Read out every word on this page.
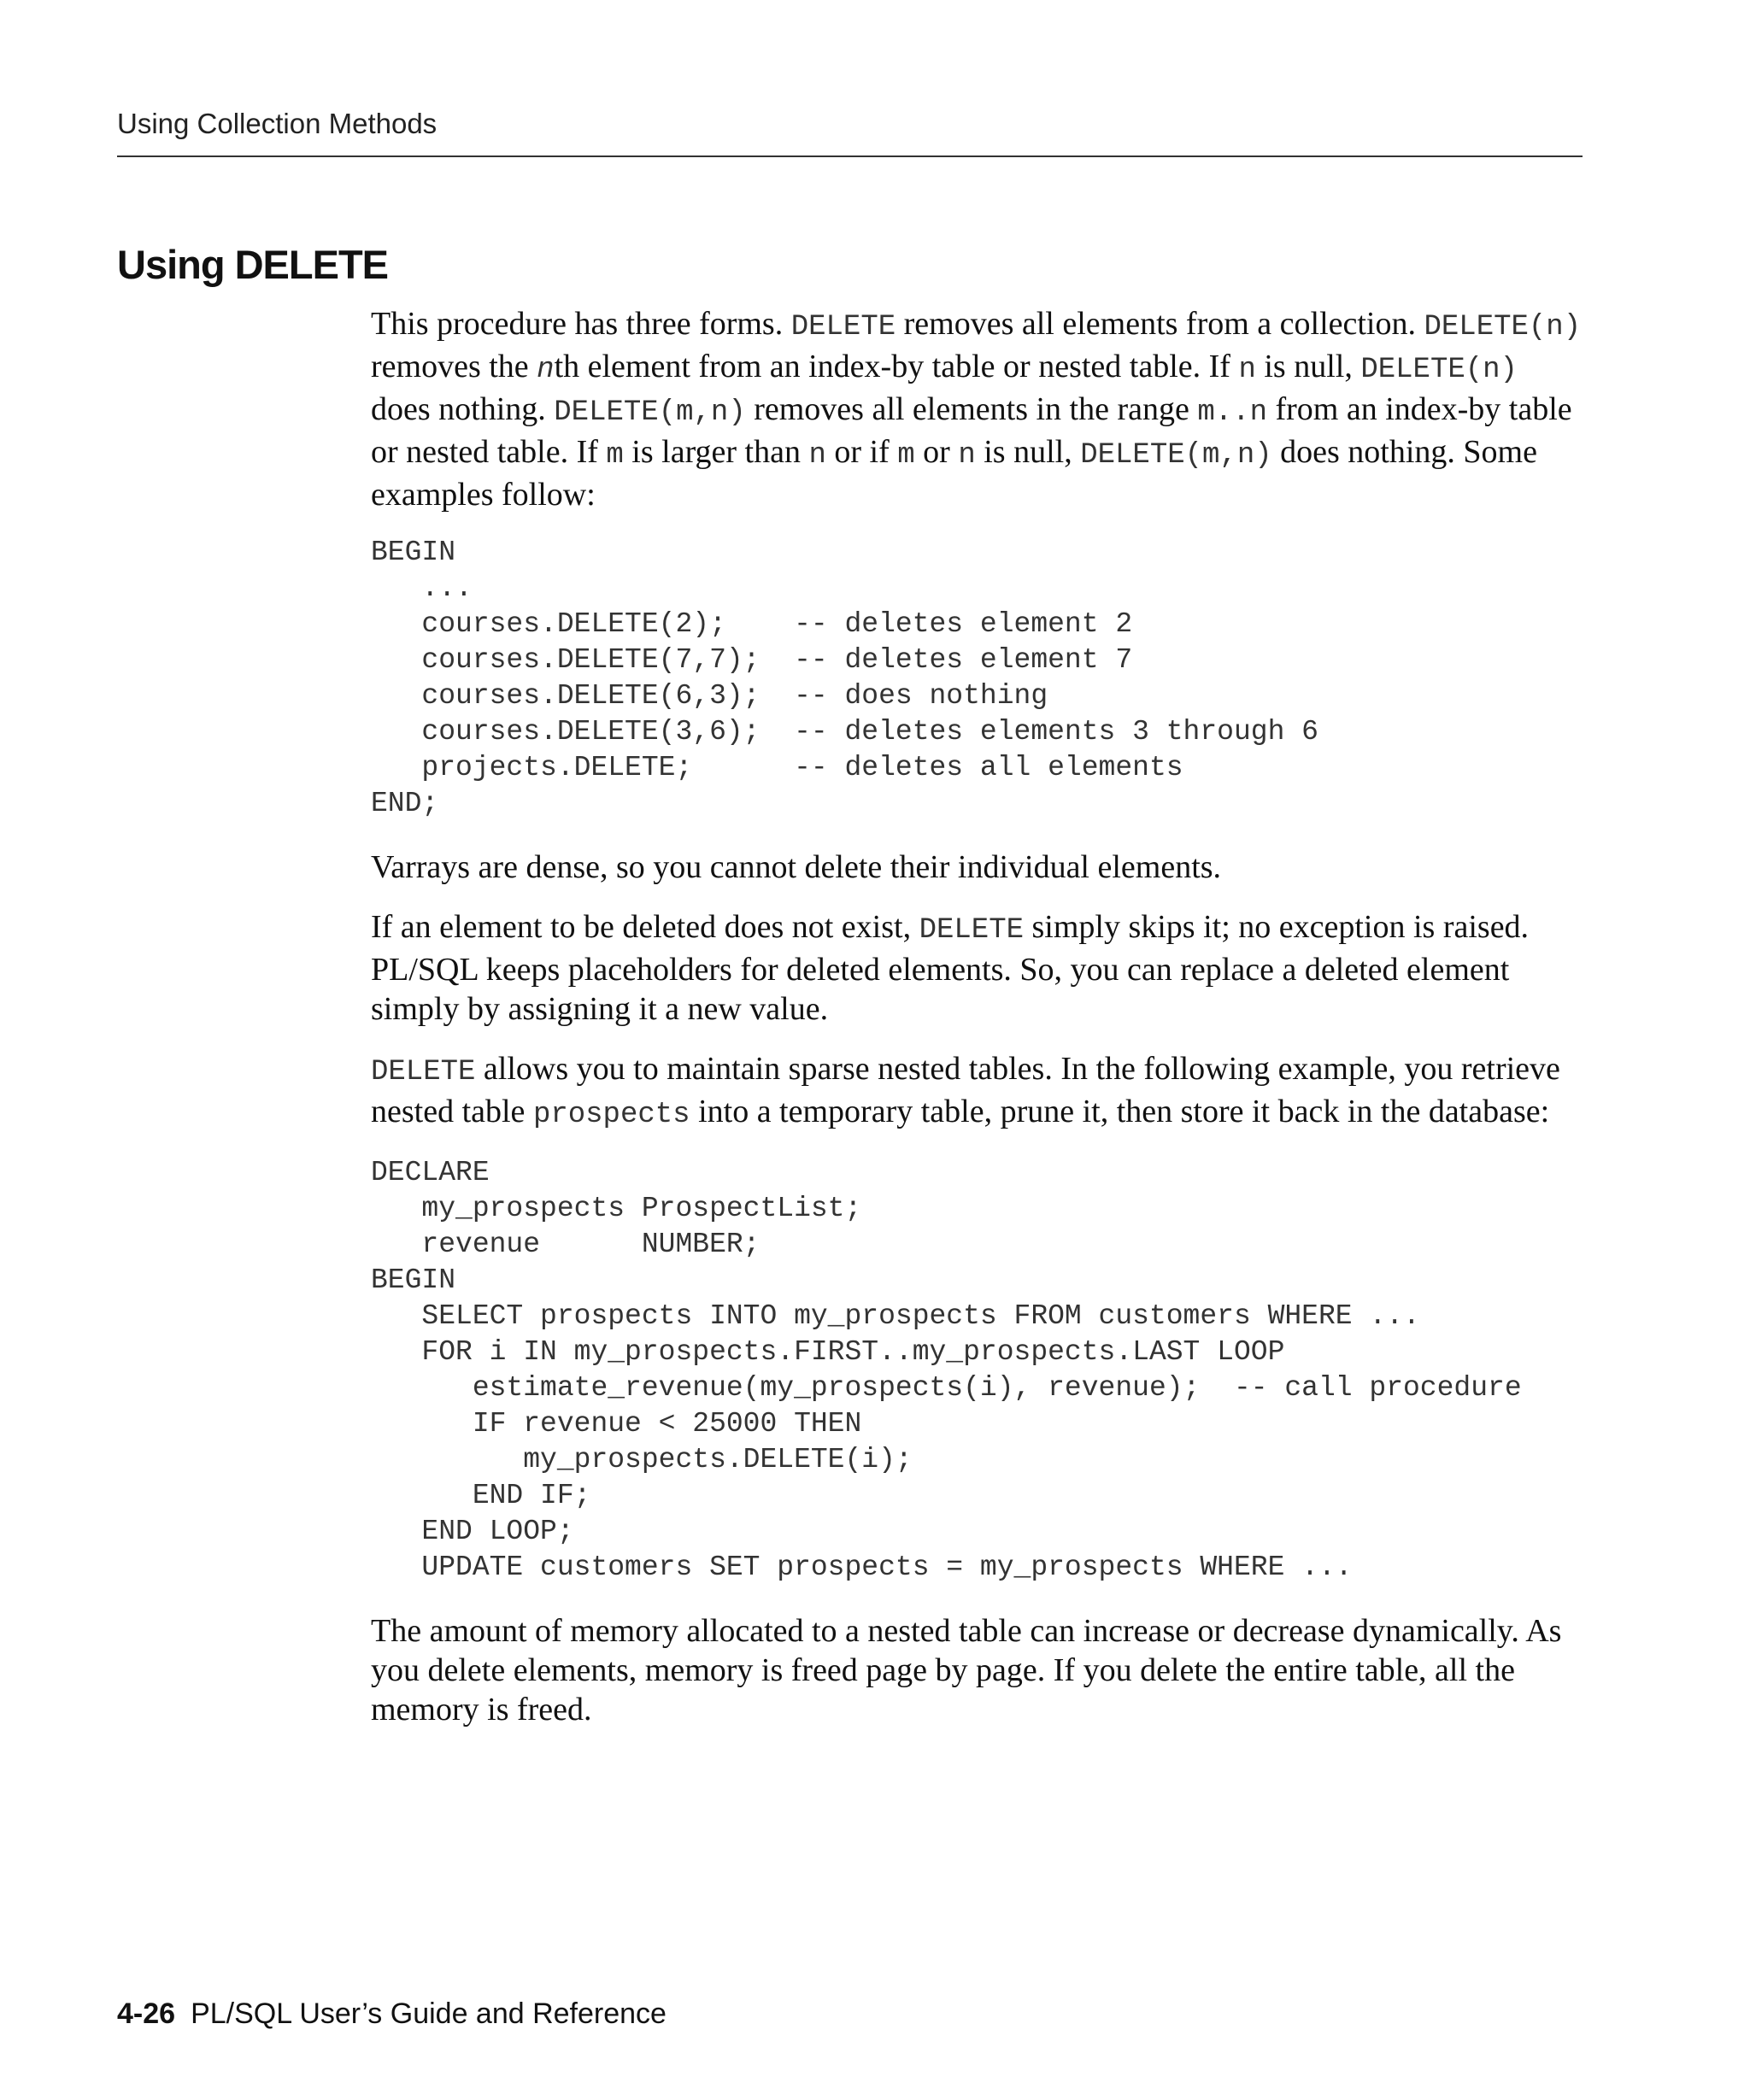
Using Collection Methods
Using DELETE

This procedure has three forms. DELETE removes all elements from a collection. DELETE(n) removes the nth element from an index-by table or nested table. If n is null, DELETE(n) does nothing. DELETE(m,n) removes all elements in the range m..n from an index-by table or nested table. If m is larger than n or if m or n is null, DELETE(m,n) does nothing. Some examples follow:

BEGIN
...
courses.DELETE(2);    -- deletes element 2
courses.DELETE(7,7);  -- deletes element 7
courses.DELETE(6,3);  -- does nothing
courses.DELETE(3,6);  -- deletes elements 3 through 6
projects.DELETE;      -- deletes all elements
END;

Varrays are dense, so you cannot delete their individual elements.

If an element to be deleted does not exist, DELETE simply skips it; no exception is raised. PL/SQL keeps placeholders for deleted elements. So, you can replace a deleted element simply by assigning it a new value.

DELETE allows you to maintain sparse nested tables. In the following example, you retrieve nested table prospects into a temporary table, prune it, then store it back in the database:

DECLARE
my_prospects ProspectList;
revenue      NUMBER;
BEGIN
SELECT prospects INTO my_prospects FROM customers WHERE ...
FOR i IN my_prospects.FIRST..my_prospects.LAST LOOP
estimate_revenue(my_prospects(i), revenue);  -- call procedure
IF revenue < 25000 THEN
my_prospects.DELETE(i);
END IF;
END LOOP;
UPDATE customers SET prospects = my_prospects WHERE ...

The amount of memory allocated to a nested table can increase or decrease dynamically. As you delete elements, memory is freed page by page. If you delete the entire table, all the memory is freed.

4-26 PL/SQL User’s Guide and Reference
